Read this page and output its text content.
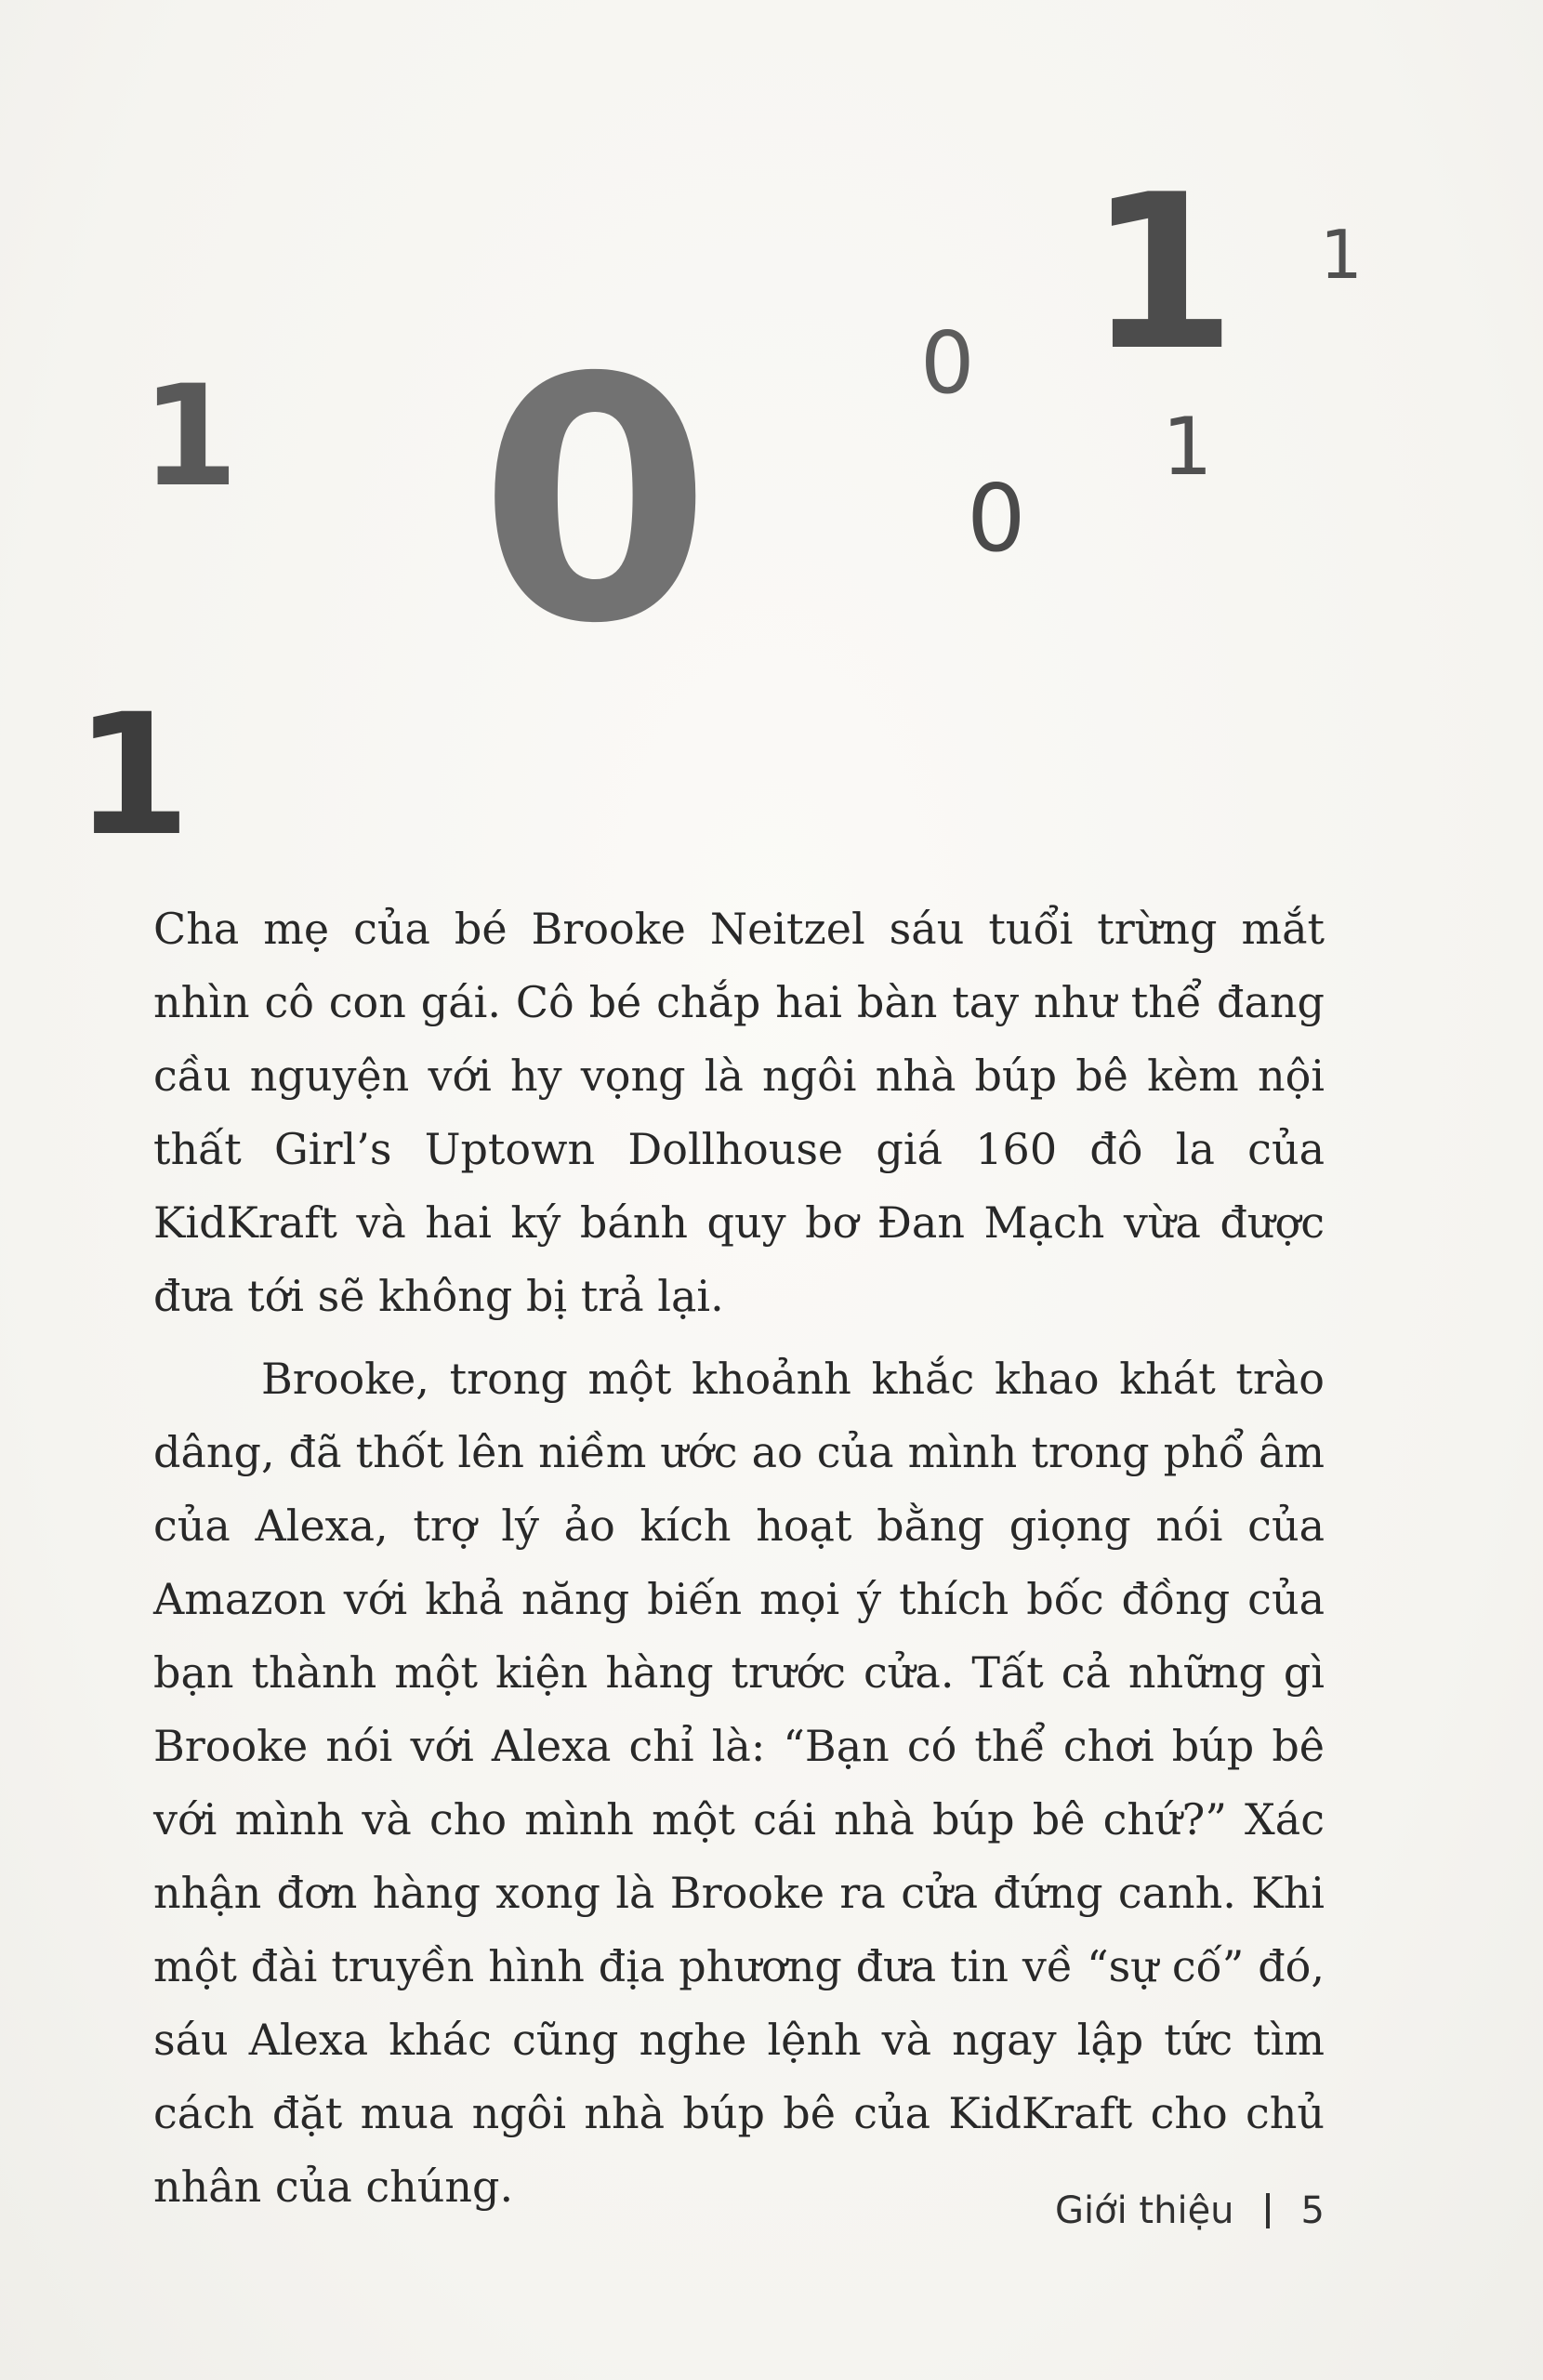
1 0 0 1 1
1
0
1

Cha mẹ của bé Brooke Neitzel sáu tuổi trừng mắt nhìn cô con gái. Cô bé chắp hai bàn tay như thể đang cầu nguyện với hy vọng là ngôi nhà búp bê kèm nội thất Girl’s Uptown Dollhouse giá 160 đô la của KidKraft và hai ký bánh quy bơ Đan Mạch vừa được đưa tới sẽ không bị trả lại.

Brooke, trong một khoảnh khắc khao khát trào dâng, đã thốt lên niềm ước ao của mình trong phổ âm của Alexa, trợ lý ảo kích hoạt bằng giọng nói của Amazon với khả năng biến mọi ý thích bốc đồng của bạn thành một kiện hàng trước cửa. Tất cả những gì Brooke nói với Alexa chỉ là: “Bạn có thể chơi búp bê với mình và cho mình một cái nhà búp bê chứ?” Xác nhận đơn hàng xong là Brooke ra cửa đứng canh. Khi một đài truyền hình địa phương đưa tin về “sự cố” đó, sáu Alexa khác cũng nghe lệnh và ngay lập tức tìm cách đặt mua ngôi nhà búp bê của KidKraft cho chủ nhân của chúng.	Giới thiệu 5
